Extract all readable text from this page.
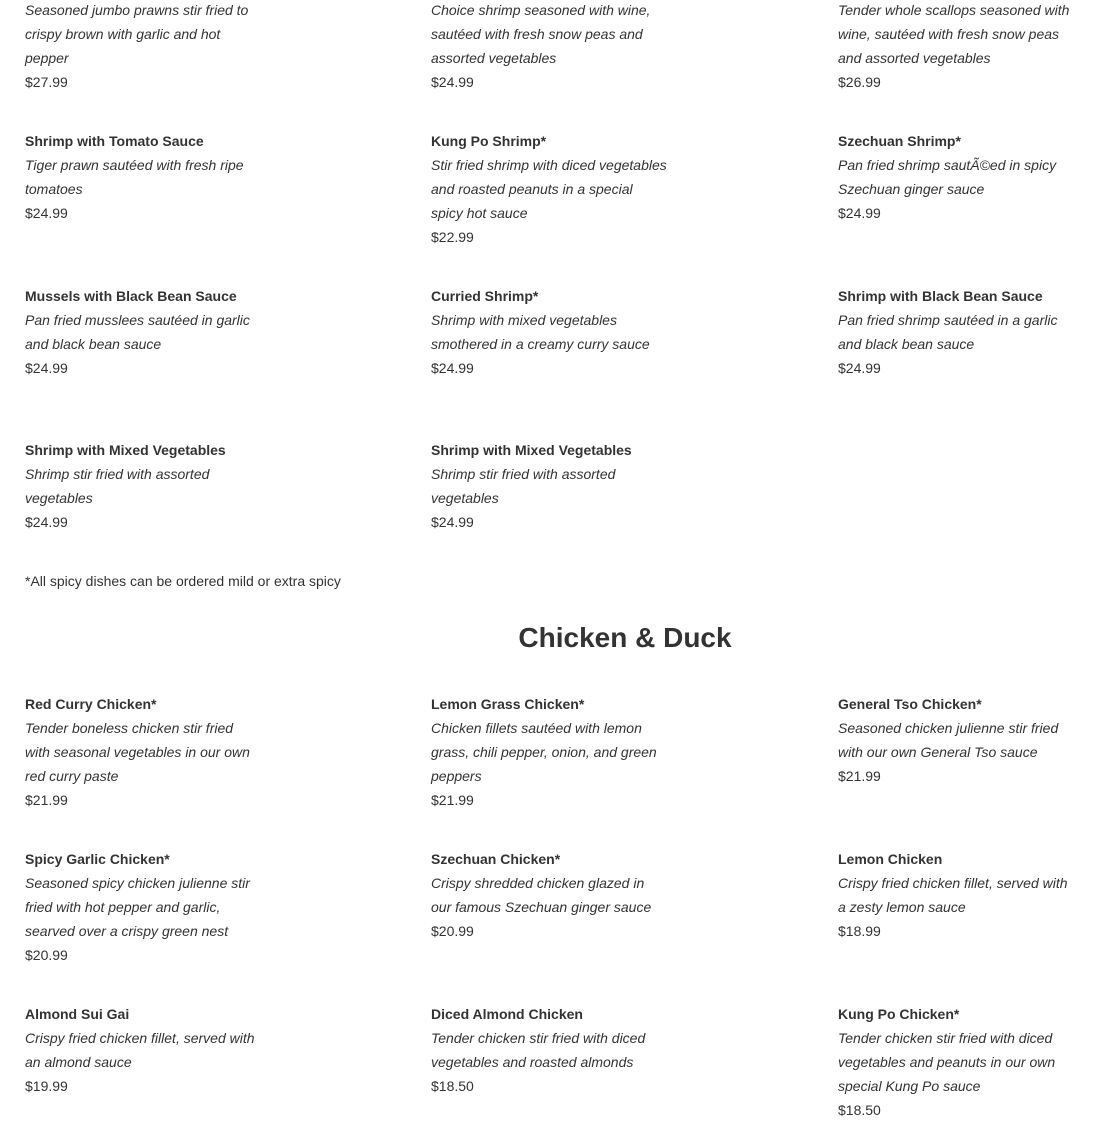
Seasoned jumbo prawns stir fried to crispy brown with garlic and hot pepper
$27.99
Choice shrimp seasoned with wine, sautéed with fresh snow peas and assorted vegetables
$24.99
Tender whole scallops seasoned with wine, sautéed with fresh snow peas and assorted vegetables
$26.99
Shrimp with Tomato Sauce
Tiger prawn sautéed with fresh ripe tomatoes
$24.99
Kung Po Shrimp*
Stir fried shrimp with diced vegetables and roasted peanuts in a special spicy hot sauce
$22.99
Szechuan Shrimp*
Pan fried shrimp sautÃ©ed in spicy Szechuan ginger sauce
$24.99
Mussels with Black Bean Sauce
Pan fried musslees sautéed in garlic and black bean sauce
$24.99
Curried Shrimp*
Shrimp with mixed vegetables smothered in a creamy curry sauce
$24.99
Shrimp with Black Bean Sauce
Pan fried shrimp sautéed in a garlic and black bean sauce
$24.99
Shrimp with Mixed Vegetables
Shrimp stir fried with assorted vegetables
$24.99
Shrimp with Mixed Vegetables
Shrimp stir fried with assorted vegetables
$24.99
*All spicy dishes can be ordered mild or extra spicy
Chicken & Duck
Red Curry Chicken*
Tender boneless chicken stir fried with seasonal vegetables in our own red curry paste
$21.99
Lemon Grass Chicken*
Chicken fillets sautéed with lemon grass, chili pepper, onion, and green peppers
$21.99
General Tso Chicken*
Seasoned chicken julienne stir fried with our own General Tso sauce
$21.99
Spicy Garlic Chicken*
Seasoned spicy chicken julienne stir fried with hot pepper and garlic, searved over a crispy green nest
$20.99
Szechuan Chicken*
Crispy shredded chicken glazed in our famous Szechuan ginger sauce
$20.99
Lemon Chicken
Crispy fried chicken fillet, served with a zesty lemon sauce
$18.99
Almond Sui Gai
Crispy fried chicken fillet, served with an almond sauce
$19.99
Diced Almond Chicken
Tender chicken stir fried with diced vegetables and roasted almonds
$18.50
Kung Po Chicken*
Tender chicken stir fried with diced vegetables and peanuts in our own special Kung Po sauce
$18.50
